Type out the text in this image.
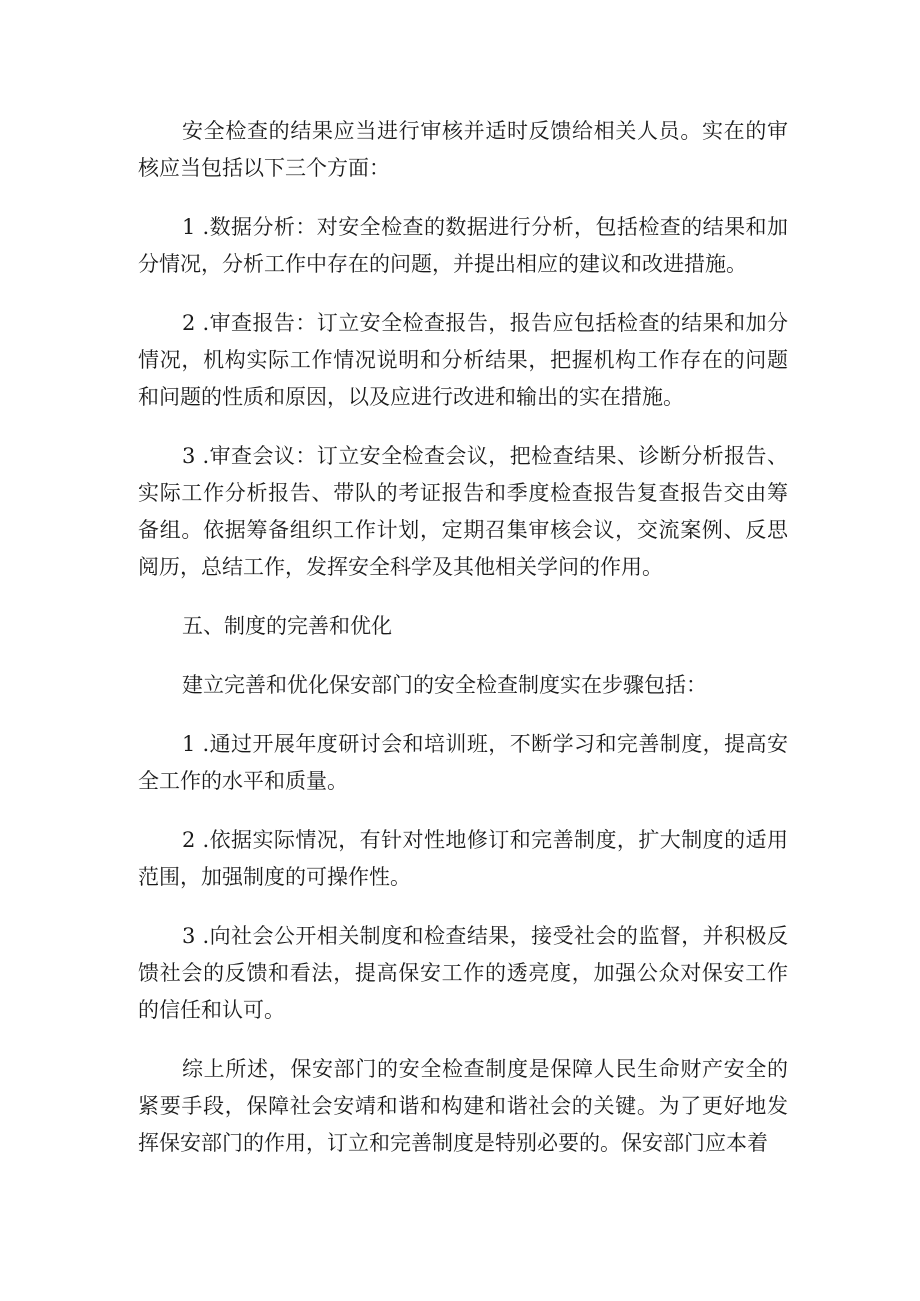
安全检查的结果应当进行审核并适时反馈给相关人员。实在的审核应当包括以下三个方面：

1 .数据分析：对安全检查的数据进行分析，包括检查的结果和加分情况，分析工作中存在的问题，并提出相应的建议和改进措施。

2 .审查报告：订立安全检查报告，报告应包括检查的结果和加分情况，机构实际工作情况说明和分析结果，把握机构工作存在的问题和问题的性质和原因，以及应进行改进和输出的实在措施。

3 .审查会议：订立安全检查会议，把检查结果、诊断分析报告、实际工作分析报告、带队的考证报告和季度检查报告复查报告交由筹备组。依据筹备组织工作计划，定期召集审核会议，交流案例、反思阅历，总结工作，发挥安全科学及其他相关学问的作用。

五、制度的完善和优化

建立完善和优化保安部门的安全检查制度实在步骤包括：

1 .通过开展年度研讨会和培训班，不断学习和完善制度，提高安全工作的水平和质量。

2 .依据实际情况，有针对性地修订和完善制度，扩大制度的适用范围，加强制度的可操作性。

3 .向社会公开相关制度和检查结果，接受社会的监督，并积极反馈社会的反馈和看法，提高保安工作的透亮度，加强公众对保安工作的信任和认可。

综上所述，保安部门的安全检查制度是保障人民生命财产安全的紧要手段，保障社会安靖和谐和构建和谐社会的关键。为了更好地发挥保安部门的作用，订立和完善制度是特别必要的。保安部门应本着
